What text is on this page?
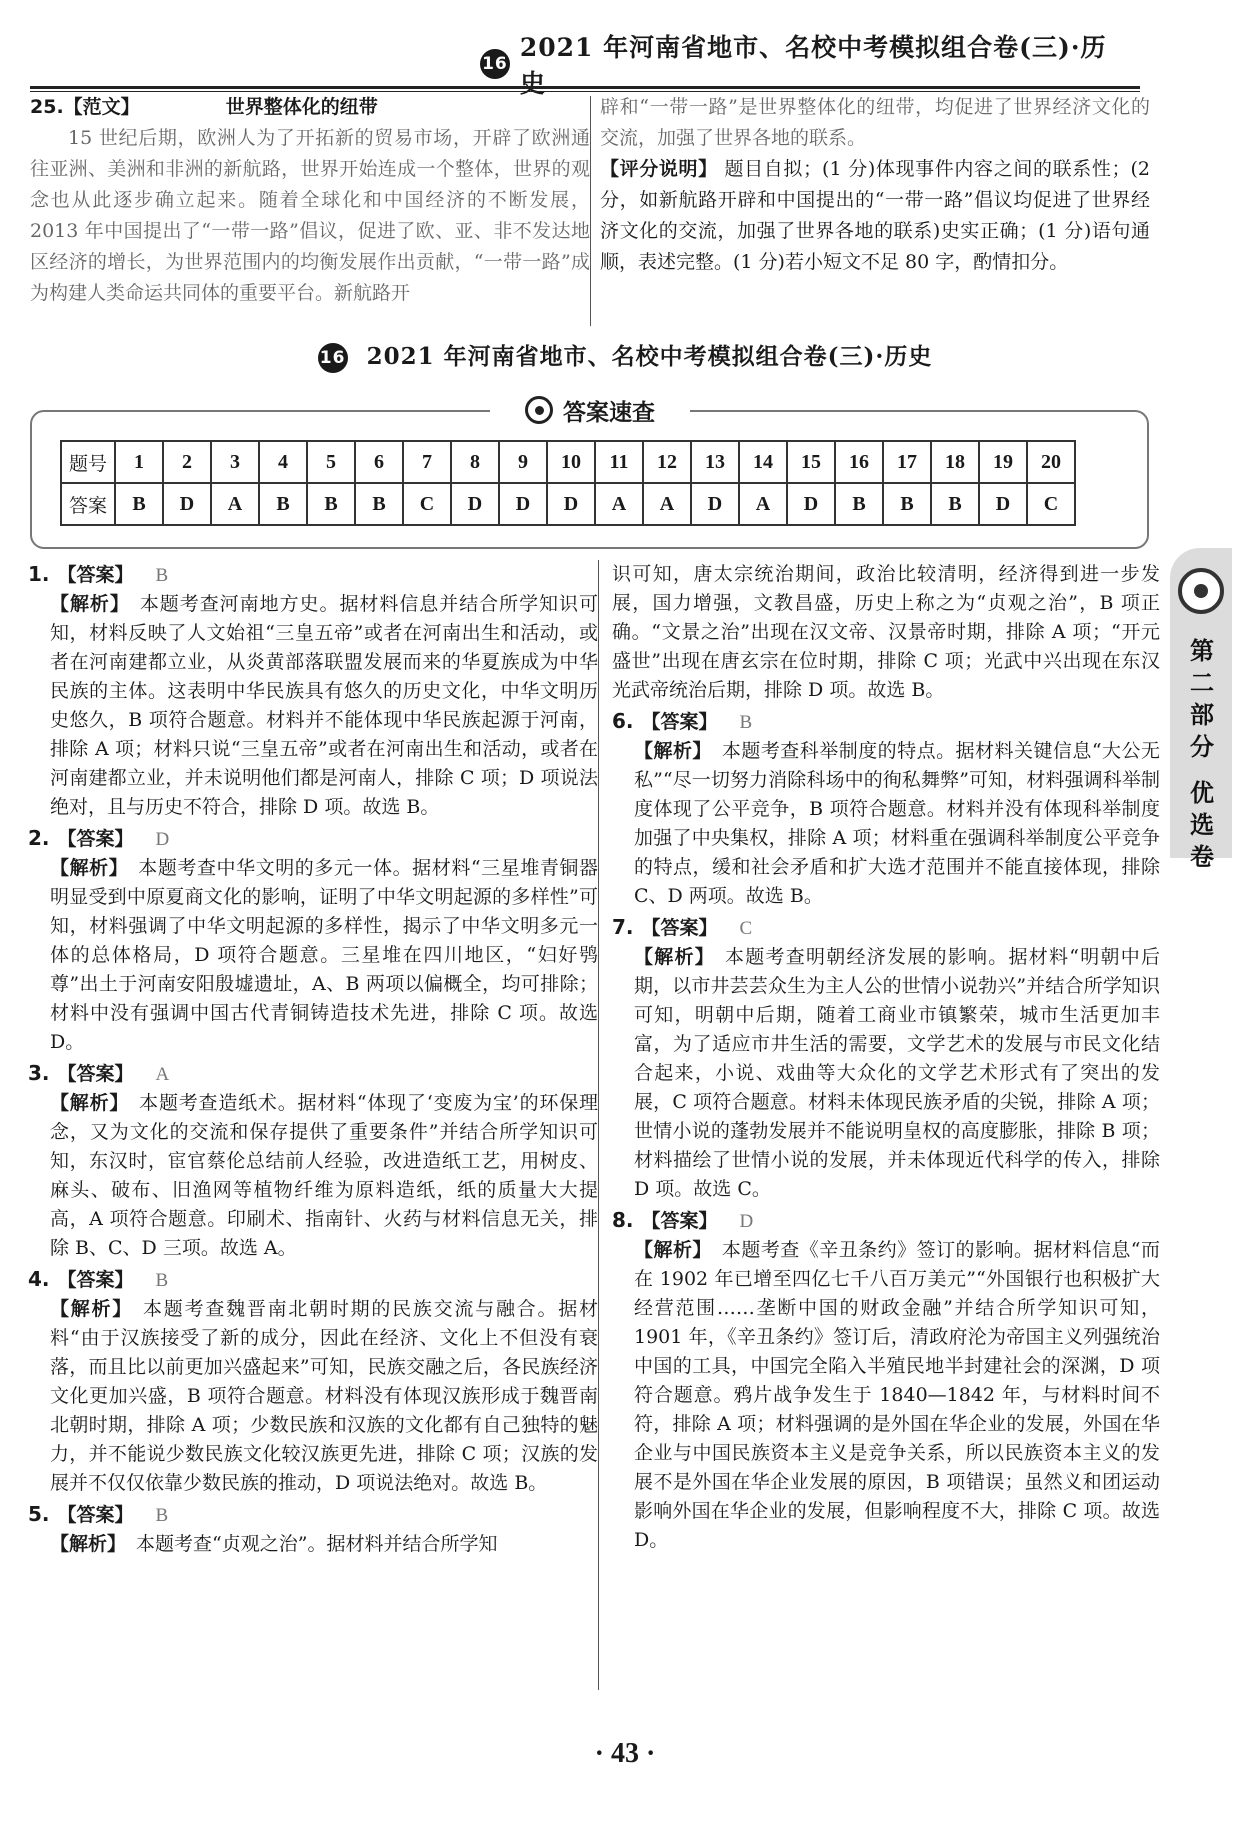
16
2021 年河南省地市、名校中考模拟组合卷(三)·历史

25.【范文】	世界整体化的纽带

15 世纪后期，欧洲人为了开拓新的贸易市场，开辟了欧洲通往亚洲、美洲和非洲的新航路，世界开始连成一个整体，世界的观念也从此逐步确立起来。随着全球化和中国经济的不断发展，2013 年中国提出了“一带一路”倡议，促进了欧、亚、非不发达地区经济的增长，为世界范围内的均衡发展作出贡献，“一带一路”成为构建人类命运共同体的重要平台。新航路开

辟和“一带一路”是世界整体化的纽带，均促进了世界经济文化的交流，加强了世界各地的联系。

【评分说明】 题目自拟；(1 分)体现事件内容之间的联系性；(2 分，如新航路开辟和中国提出的“一带一路”倡议均促进了世界经济文化的交流，加强了世界各地的联系)史实正确；(1 分)语句通顺，表述完整。(1 分)若小短文不足 80 字，酌情扣分。

16 2021 年河南省地市、名校中考模拟组合卷(三)·历史
答案速查
题号	1	2	3	4	5	6	7	8	9	10	11	12	13	14	15	16	17	18	19	20
答案	B	D	A	B	B	B	C	D	D	D	A	A	D	A	D	B	B	B	D	C
1. 【答案】 B
【解析】 本题考查河南地方史。据材料信息并结合所学知识可知，材料反映了人文始祖“三皇五帝”或者在河南出生和活动，或者在河南建都立业，从炎黄部落联盟发展而来的华夏族成为中华民族的主体。这表明中华民族具有悠久的历史文化，中华文明历史悠久，B 项符合题意。材料并不能体现中华民族起源于河南，排除 A 项；材料只说“三皇五帝”或者在河南出生和活动，或者在河南建都立业，并未说明他们都是河南人，排除 C 项；D 项说法绝对，且与历史不符合，排除 D 项。故选 B。
2. 【答案】 D
【解析】 本题考查中华文明的多元一体。据材料“三星堆青铜器明显受到中原夏商文化的影响，证明了中华文明起源的多样性”可知，材料强调了中华文明起源的多样性，揭示了中华文明多元一体的总体格局，D 项符合题意。三星堆在四川地区，“妇好鸮尊”出土于河南安阳殷墟遗址，A、B 两项以偏概全，均可排除；材料中没有强调中国古代青铜铸造技术先进，排除 C 项。故选 D。
3. 【答案】 A
【解析】 本题考查造纸术。据材料“体现了‘变废为宝’的环保理念，又为文化的交流和保存提供了重要条件”并结合所学知识可知，东汉时，宦官蔡伦总结前人经验，改进造纸工艺，用树皮、麻头、破布、旧渔网等植物纤维为原料造纸，纸的质量大大提高，A 项符合题意。印刷术、指南针、火药与材料信息无关，排除 B、C、D 三项。故选 A。
4. 【答案】 B
【解析】 本题考查魏晋南北朝时期的民族交流与融合。据材料“由于汉族接受了新的成分，因此在经济、文化上不但没有衰落，而且比以前更加兴盛起来”可知，民族交融之后，各民族经济文化更加兴盛，B 项符合题意。材料没有体现汉族形成于魏晋南北朝时期，排除 A 项；少数民族和汉族的文化都有自己独特的魅力，并不能说少数民族文化较汉族更先进，排除 C 项；汉族的发展并不仅仅依靠少数民族的推动，D 项说法绝对。故选 B。
5. 【答案】 B
【解析】 本题考查“贞观之治”。据材料并结合所学知
识可知，唐太宗统治期间，政治比较清明，经济得到进一步发展，国力增强，文教昌盛，历史上称之为“贞观之治”，B 项正确。“文景之治”出现在汉文帝、汉景帝时期，排除 A 项；“开元盛世”出现在唐玄宗在位时期，排除 C 项；光武中兴出现在东汉光武帝统治后期，排除 D 项。故选 B。
6. 【答案】 B
【解析】 本题考查科举制度的特点。据材料关键信息“大公无私”“尽一切努力消除科场中的徇私舞弊”可知，材料强调科举制度体现了公平竞争，B 项符合题意。材料并没有体现科举制度加强了中央集权，排除 A 项；材料重在强调科举制度公平竞争的特点，缓和社会矛盾和扩大选才范围并不能直接体现，排除 C、D 两项。故选 B。
7. 【答案】 C
【解析】 本题考查明朝经济发展的影响。据材料“明朝中后期，以市井芸芸众生为主人公的世情小说勃兴”并结合所学知识可知，明朝中后期，随着工商业市镇繁荣，城市生活更加丰富，为了适应市井生活的需要，文学艺术的发展与市民文化结合起来，小说、戏曲等大众化的文学艺术形式有了突出的发展，C 项符合题意。材料未体现民族矛盾的尖锐，排除 A 项；世情小说的蓬勃发展并不能说明皇权的高度膨胀，排除 B 项；材料描绘了世情小说的发展，并未体现近代科学的传入，排除 D 项。故选 C。
8. 【答案】 D
【解析】 本题考查《辛丑条约》签订的影响。据材料信息“而在 1902 年已增至四亿七千八百万美元”“外国银行也积极扩大经营范围……垄断中国的财政金融”并结合所学知识可知，1901 年，《辛丑条约》签订后，清政府沦为帝国主义列强统治中国的工具，中国完全陷入半殖民地半封建社会的深渊，D 项符合题意。鸦片战争发生于 1840—1842 年，与材料时间不符，排除 A 项；材料强调的是外国在华企业的发展，外国在华企业与中国民族资本主义是竞争关系，所以民族资本主义的发展不是外国在华企业发展的原因，B 项错误；虽然义和团运动影响外国在华企业的发展，但影响程度不大，排除 C 项。故选 D。
第二部分
优选卷
· 43 ·
